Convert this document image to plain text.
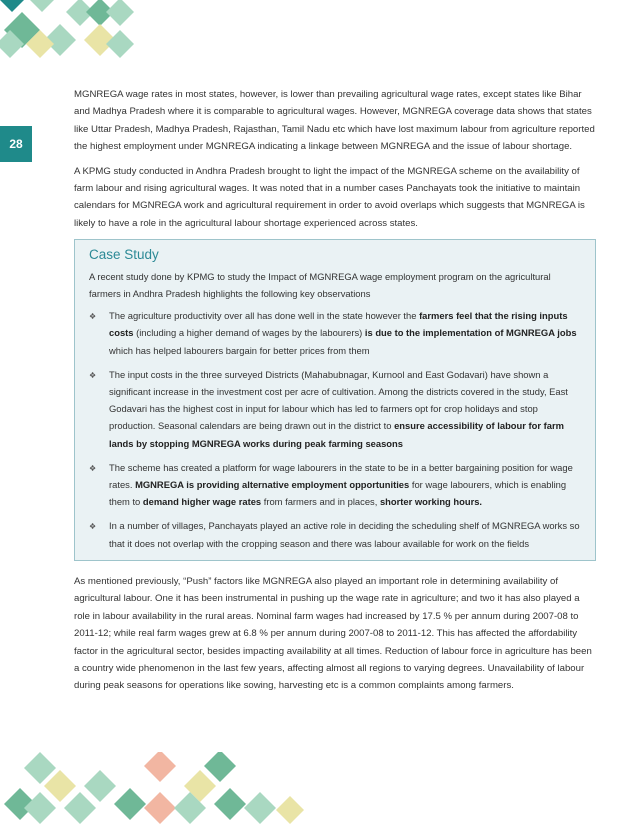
28

MGNREGA wage rates in most states, however, is lower than prevailing agricultural wage rates, except states like Bihar and Madhya Pradesh where it is comparable to agricultural wages. However, MGNREGA coverage data shows that states like Uttar Pradesh, Madhya Pradesh, Rajasthan, Tamil Nadu etc which have lost maximum labour from agriculture reported the highest employment under MGNREGA indicating a linkage between MGNREGA and the issue of labour shortage.

A KPMG study conducted in Andhra Pradesh brought to light the impact of the MGNREGA scheme on the availability of farm labour and rising agricultural wages. It was noted that in a number cases Panchayats took the initiative to maintain calendars for MGNREGA work and agricultural requirement in order to avoid overlaps which suggests that MGNREGA is likely to have a role in the agricultural labour shortage experienced across states.

Case Study
A recent study done by KPMG to study the Impact of MGNREGA wage employment program on the agricultural farmers in Andhra Pradesh highlights the following key observations
❖	The agriculture productivity over all has done well in the state however the farmers feel that the rising inputs costs (including a higher demand of wages by the labourers) is due to the implementation of MGNREGA jobs which has helped labourers bargain for better prices from them
❖	The input costs in the three surveyed Districts (Mahabubnagar, Kurnool and East Godavari) have shown a significant increase in the investment cost per acre of cultivation. Among the districts covered in the study, East Godavari has the highest cost in input for labour which has led to farmers opt for crop holidays and stop production. Seasonal calendars are being drawn out in the district to ensure accessibility of labour for farm lands by stopping MGNREGA works during peak farming seasons
❖	The scheme has created a platform for wage labourers in the state to be in a better bargaining position for wage rates. MGNREGA is providing alternative employment opportunities for wage labourers, which is enabling them to demand higher wage rates from farmers and in places, shorter working hours.
❖	In a number of villages, Panchayats played an active role in deciding the scheduling shelf of MGNREGA works so that it does not overlap with the cropping season and there was labour available for work on the fields

As mentioned previously, “Push” factors like MGNREGA also played an important role in determining availability of agricultural labour. One it has been instrumental in pushing up the wage rate in agriculture; and two it has also played a role in labour availability in the rural areas. Nominal farm wages had increased by 17.5 % per annum during 2007-08 to 2011-12; while real farm wages grew at 6.8 % per annum during 2007-08 to 2011-12. This has affected the affordability factor in the agricultural sector, besides impacting availability at all times. Reduction of labour force in agriculture has been a country wide phenomenon in the last few years, affecting almost all regions to varying degrees. Unavailability of labour during peak seasons for operations like sowing, harvesting etc is a common complaints among farmers.
